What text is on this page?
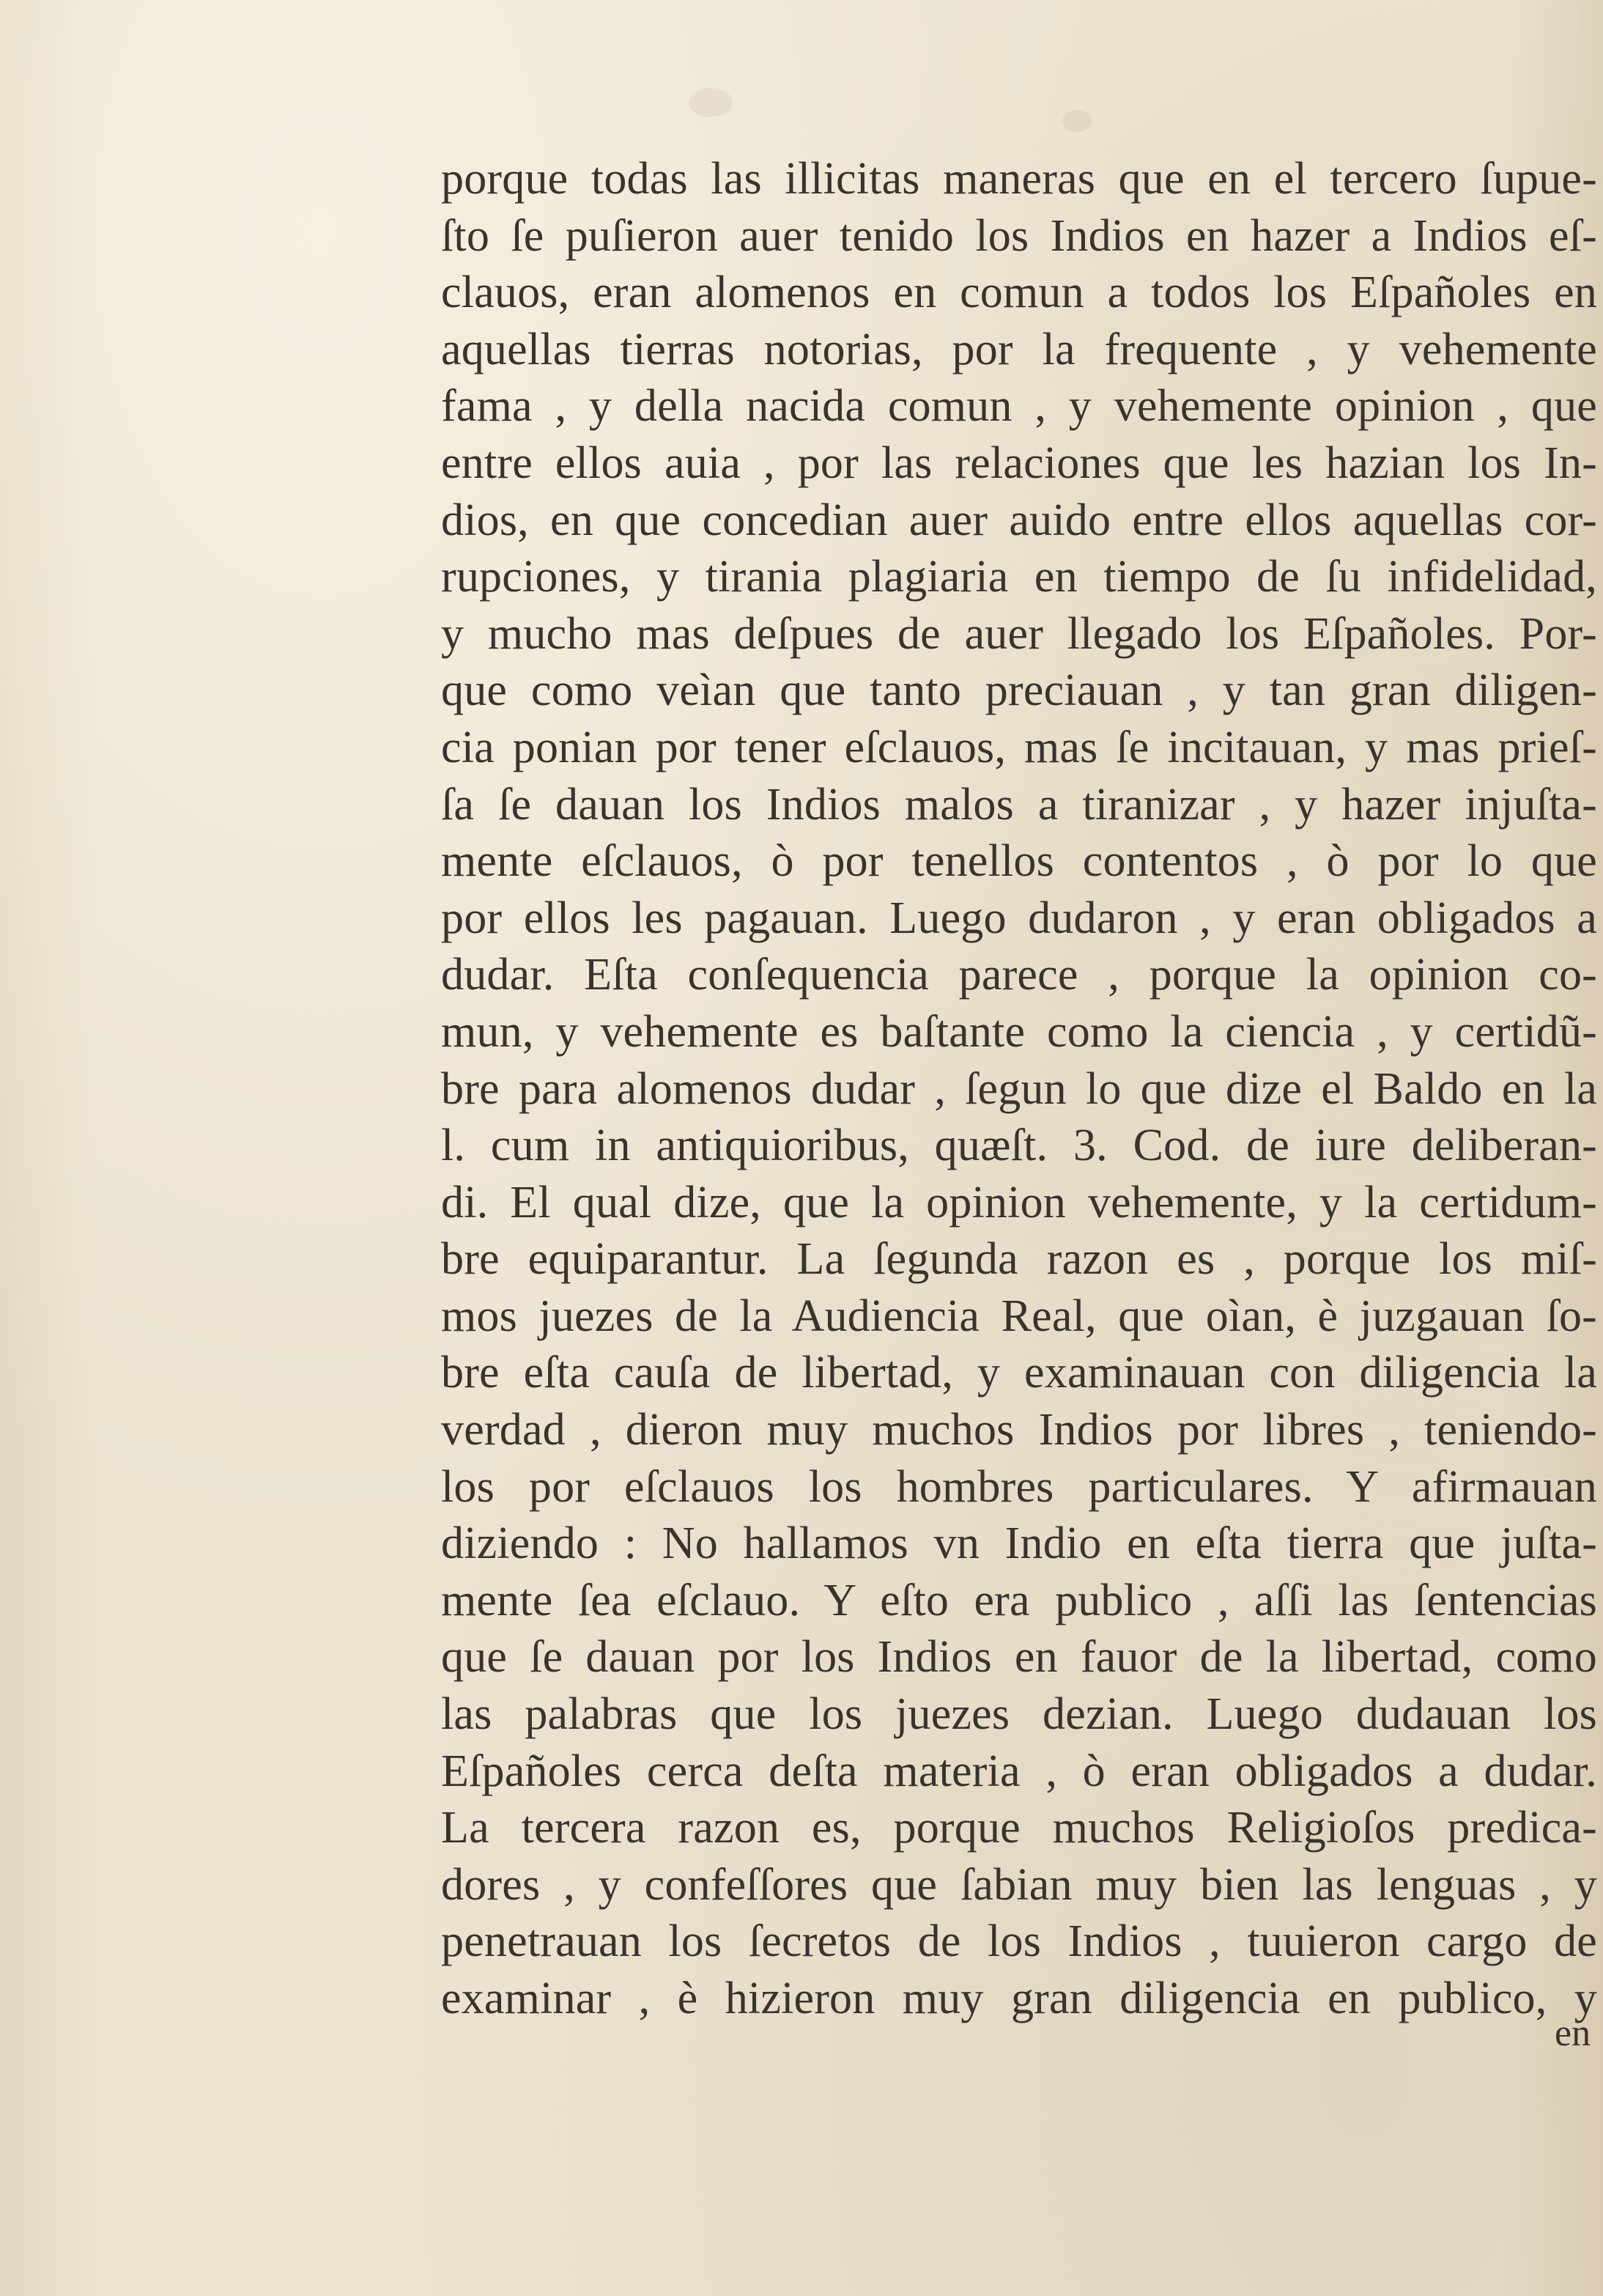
porque todas las illicitas maneras que en el tercero ſupue-
ſto ſe puſieron auer tenido los Indios en hazer a Indios eſ-
clauos, eran alomenos en comun a todos los Eſpañoles en
aquellas tierras notorias, por la frequente , y vehemente
fama , y della nacida comun , y vehemente opinion , que
entre ellos auia , por las relaciones que les hazian los In-
dios, en que concedian auer auido entre ellos aquellas cor-
rupciones, y tirania plagiaria en tiempo de ſu infidelidad,
y mucho mas deſpues de auer llegado los Eſpañoles. Por-
que como veìan que tanto preciauan , y tan gran diligen-
cia ponian por tener eſclauos, mas ſe incitauan, y mas prieſ-
ſa ſe dauan los Indios malos a tiranizar , y hazer injuſta-
mente eſclauos, ò por tenellos contentos , ò por lo que
por ellos les pagauan. Luego dudaron , y eran obligados a
dudar. Eſta conſequencia parece , porque la opinion co-
mun, y vehemente es baſtante como la ciencia , y certidũ-
bre para alomenos dudar , ſegun lo que dize el Baldo en la
l. cum in antiquioribus, quæſt. 3. Cod. de iure deliberan-
di. El qual dize, que la opinion vehemente, y la certidum-
bre equiparantur. La ſegunda razon es , porque los miſ-
mos juezes de la Audiencia Real, que oìan, è juzgauan ſo-
bre eſta cauſa de libertad, y examinauan con diligencia la
verdad , dieron muy muchos Indios por libres , teniendo-
los por eſclauos los hombres particulares. Y afirmauan
diziendo : No hallamos vn Indio en eſta tierra que juſta-
mente ſea eſclauo. Y eſto era publico , aſſi las ſentencias
que ſe dauan por los Indios en fauor de la libertad, como
las palabras que los juezes dezian. Luego dudauan los
Eſpañoles cerca deſta materia , ò eran obligados a dudar.
La tercera razon es, porque muchos Religioſos predica-
dores , y confeſſores que ſabian muy bien las lenguas , y
penetrauan los ſecretos de los Indios , tuuieron cargo de
examinar , è hizieron muy gran diligencia en publico, y
en
